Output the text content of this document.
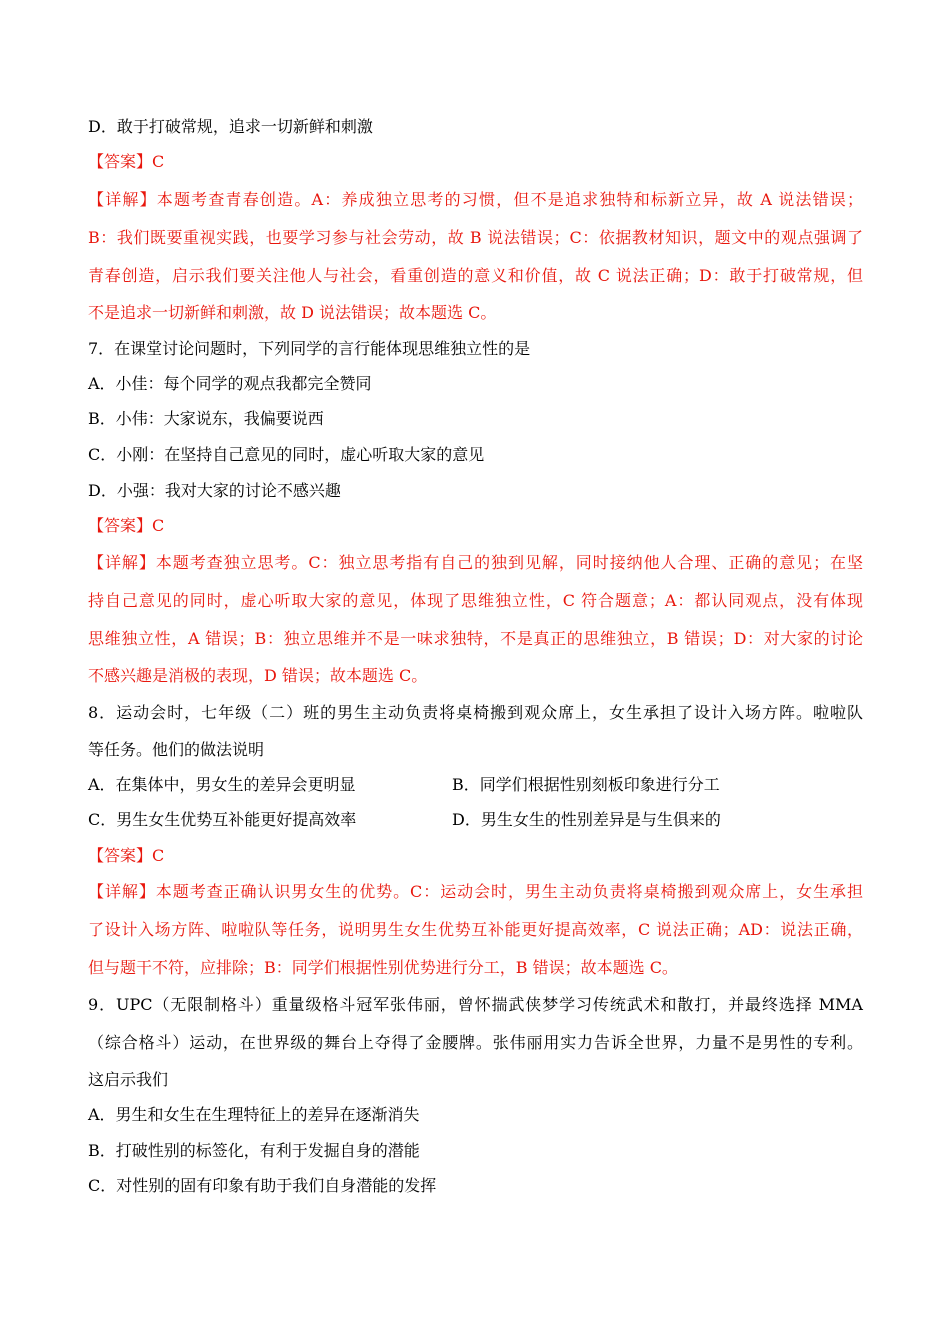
D．敢于打破常规，追求一切新鲜和刺激
【答案】C
【详解】本题考查青春创造。A：养成独立思考的习惯，但不是追求独特和标新立异，故 A 说法错误；
B：我们既要重视实践，也要学习参与社会劳动，故 B 说法错误；C：依据教材知识，题文中的观点强调了
青春创造，启示我们要关注他人与社会，看重创造的意义和价值，故 C 说法正确；D：敢于打破常规，但
不是追求一切新鲜和刺激，故 D 说法错误；故本题选 C。
7．在课堂讨论问题时，下列同学的言行能体现思维独立性的是
A．小佳：每个同学的观点我都完全赞同
B．小伟：大家说东，我偏要说西
C．小刚：在坚持自己意见的同时，虚心听取大家的意见
D．小强：我对大家的讨论不感兴趣
【答案】C
【详解】本题考查独立思考。C：独立思考指有自己的独到见解，同时接纳他人合理、正确的意见；在坚
持自己意见的同时，虚心听取大家的意见，体现了思维独立性，C 符合题意；A：都认同观点，没有体现
思维独立性，A 错误；B：独立思维并不是一味求独特，不是真正的思维独立，B 错误；D：对大家的讨论
不感兴趣是消极的表现，D 错误；故本题选 C。
8．运动会时，七年级（二）班的男生主动负责将桌椅搬到观众席上，女生承担了设计入场方阵。啦啦队
等任务。他们的做法说明
A．在集体中，男女生的差异会更明显	B．同学们根据性别刻板印象进行分工
C．男生女生优势互补能更好提高效率	D．男生女生的性别差异是与生俱来的
【答案】C
【详解】本题考查正确认识男女生的优势。C：运动会时，男生主动负责将桌椅搬到观众席上，女生承担
了设计入场方阵、啦啦队等任务，说明男生女生优势互补能更好提高效率，C 说法正确；AD：说法正确，
但与题干不符，应排除；B：同学们根据性别优势进行分工，B 错误；故本题选 C。
9．UPC（无限制格斗）重量级格斗冠军张伟丽，曾怀揣武侠梦学习传统武术和散打，并最终选择 MMA
（综合格斗）运动，在世界级的舞台上夺得了金腰牌。张伟丽用实力告诉全世界，力量不是男性的专利。
这启示我们
A．男生和女生在生理特征上的差异在逐渐消失
B．打破性别的标签化，有利于发掘自身的潜能
C．对性别的固有印象有助于我们自身潜能的发挥
